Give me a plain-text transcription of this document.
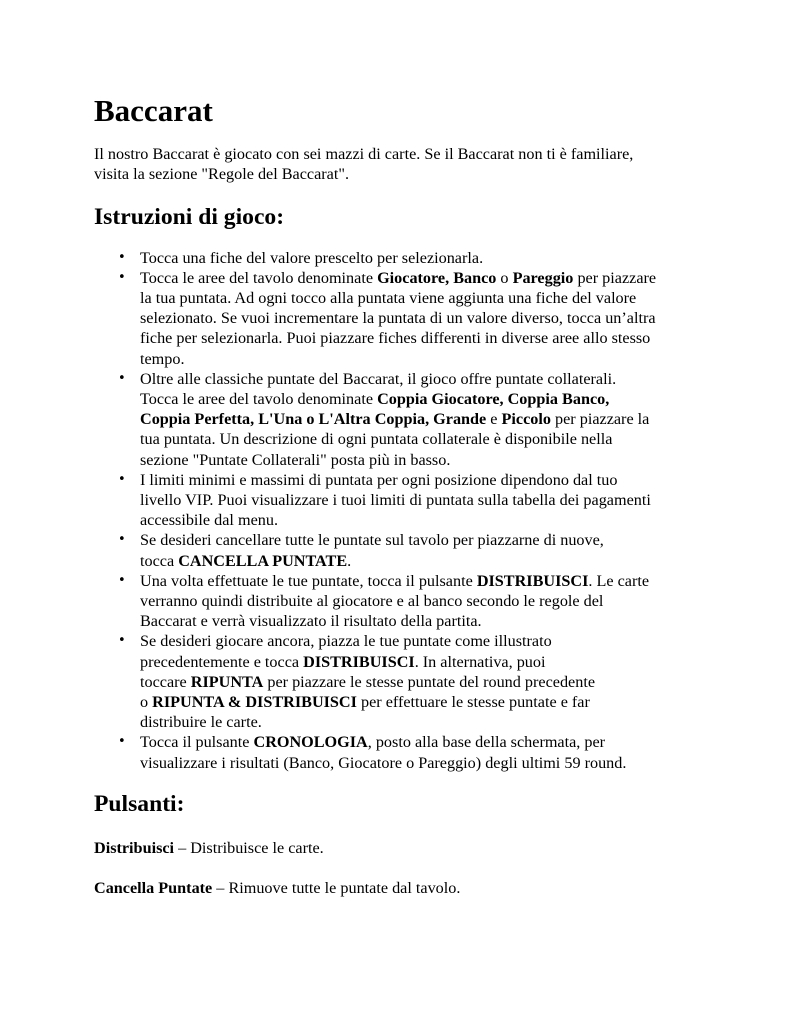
Baccarat

Il nostro Baccarat è giocato con sei mazzi di carte. Se il Baccarat non ti è familiare,
visita la sezione "Regole del Baccarat".

Istruzioni di gioco:
• Tocca una fiche del valore prescelto per selezionarla.
• Tocca le aree del tavolo denominate Giocatore, Banco o Pareggio per piazzare
la tua puntata. Ad ogni tocco alla puntata viene aggiunta una fiche del valore
selezionato. Se vuoi incrementare la puntata di un valore diverso, tocca un’altra
fiche per selezionarla. Puoi piazzare fiches differenti in diverse aree allo stesso
tempo.
• Oltre alle classiche puntate del Baccarat, il gioco offre puntate collaterali.
Tocca le aree del tavolo denominate Coppia Giocatore, Coppia Banco,
Coppia Perfetta, L'Una o L'Altra Coppia, Grande e Piccolo per piazzare la
tua puntata. Un descrizione di ogni puntata collaterale è disponibile nella
sezione "Puntate Collaterali" posta più in basso.
• I limiti minimi e massimi di puntata per ogni posizione dipendono dal tuo
livello VIP. Puoi visualizzare i tuoi limiti di puntata sulla tabella dei pagamenti
accessibile dal menu.
• Se desideri cancellare tutte le puntate sul tavolo per piazzarne di nuove,
tocca CANCELLA PUNTATE.
• Una volta effettuate le tue puntate, tocca il pulsante DISTRIBUISCI. Le carte
verranno quindi distribuite al giocatore e al banco secondo le regole del
Baccarat e verrà visualizzato il risultato della partita.
• Se desideri giocare ancora, piazza le tue puntate come illustrato
precedentemente e tocca DISTRIBUISCI. In alternativa, puoi
toccare RIPUNTA per piazzare le stesse puntate del round precedente
o RIPUNTA & DISTRIBUISCI per effettuare le stesse puntate e far
distribuire le carte.
• Tocca il pulsante CRONOLOGIA, posto alla base della schermata, per
visualizzare i risultati (Banco, Giocatore o Pareggio) degli ultimi 59 round.
Pulsanti:

Distribuisci – Distribuisce le carte.

Cancella Puntate – Rimuove tutte le puntate dal tavolo.
